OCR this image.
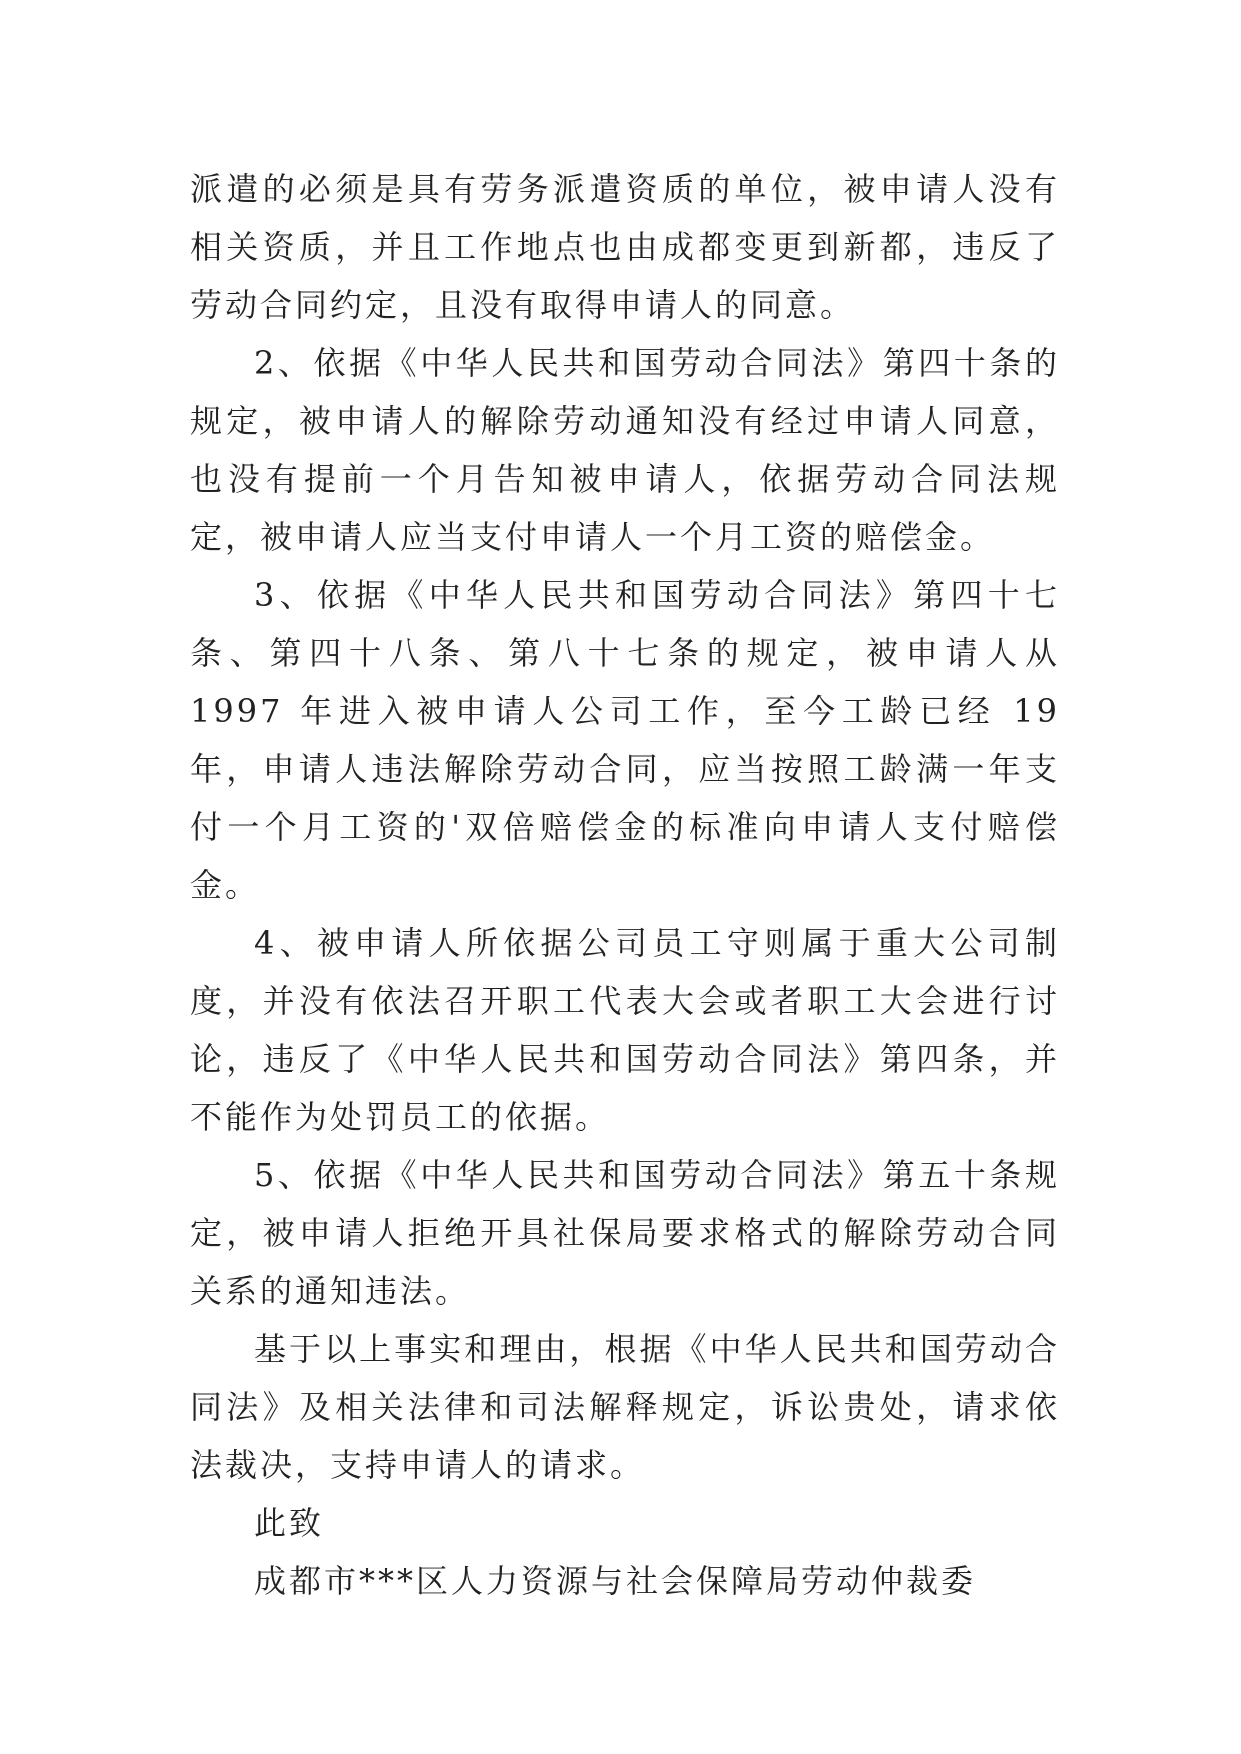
派遣的必须是具有劳务派遣资质的单位，被申请人没有相关资质，并且工作地点也由成都变更到新都，违反了劳动合同约定，且没有取得申请人的同意。

2、依据《中华人民共和国劳动合同法》第四十条的规定，被申请人的解除劳动通知没有经过申请人同意，也没有提前一个月告知被申请人，依据劳动合同法规定，被申请人应当支付申请人一个月工资的赔偿金。

3、依据《中华人民共和国劳动合同法》第四十七条、第四十八条、第八十七条的规定，被申请人从 1997 年进入被申请人公司工作，至今工龄已经 19 年，申请人违法解除劳动合同，应当按照工龄满一年支付一个月工资的'双倍赔偿金的标准向申请人支付赔偿金。

4、被申请人所依据公司员工守则属于重大公司制度，并没有依法召开职工代表大会或者职工大会进行讨论，违反了《中华人民共和国劳动合同法》第四条，并不能作为处罚员工的依据。

5、依据《中华人民共和国劳动合同法》第五十条规定，被申请人拒绝开具社保局要求格式的解除劳动合同关系的通知违法。

基于以上事实和理由，根据《中华人民共和国劳动合同法》及相关法律和司法解释规定，诉讼贵处，请求依法裁决，支持申请人的请求。

此致

成都市***区人力资源与社会保障局劳动仲裁委
